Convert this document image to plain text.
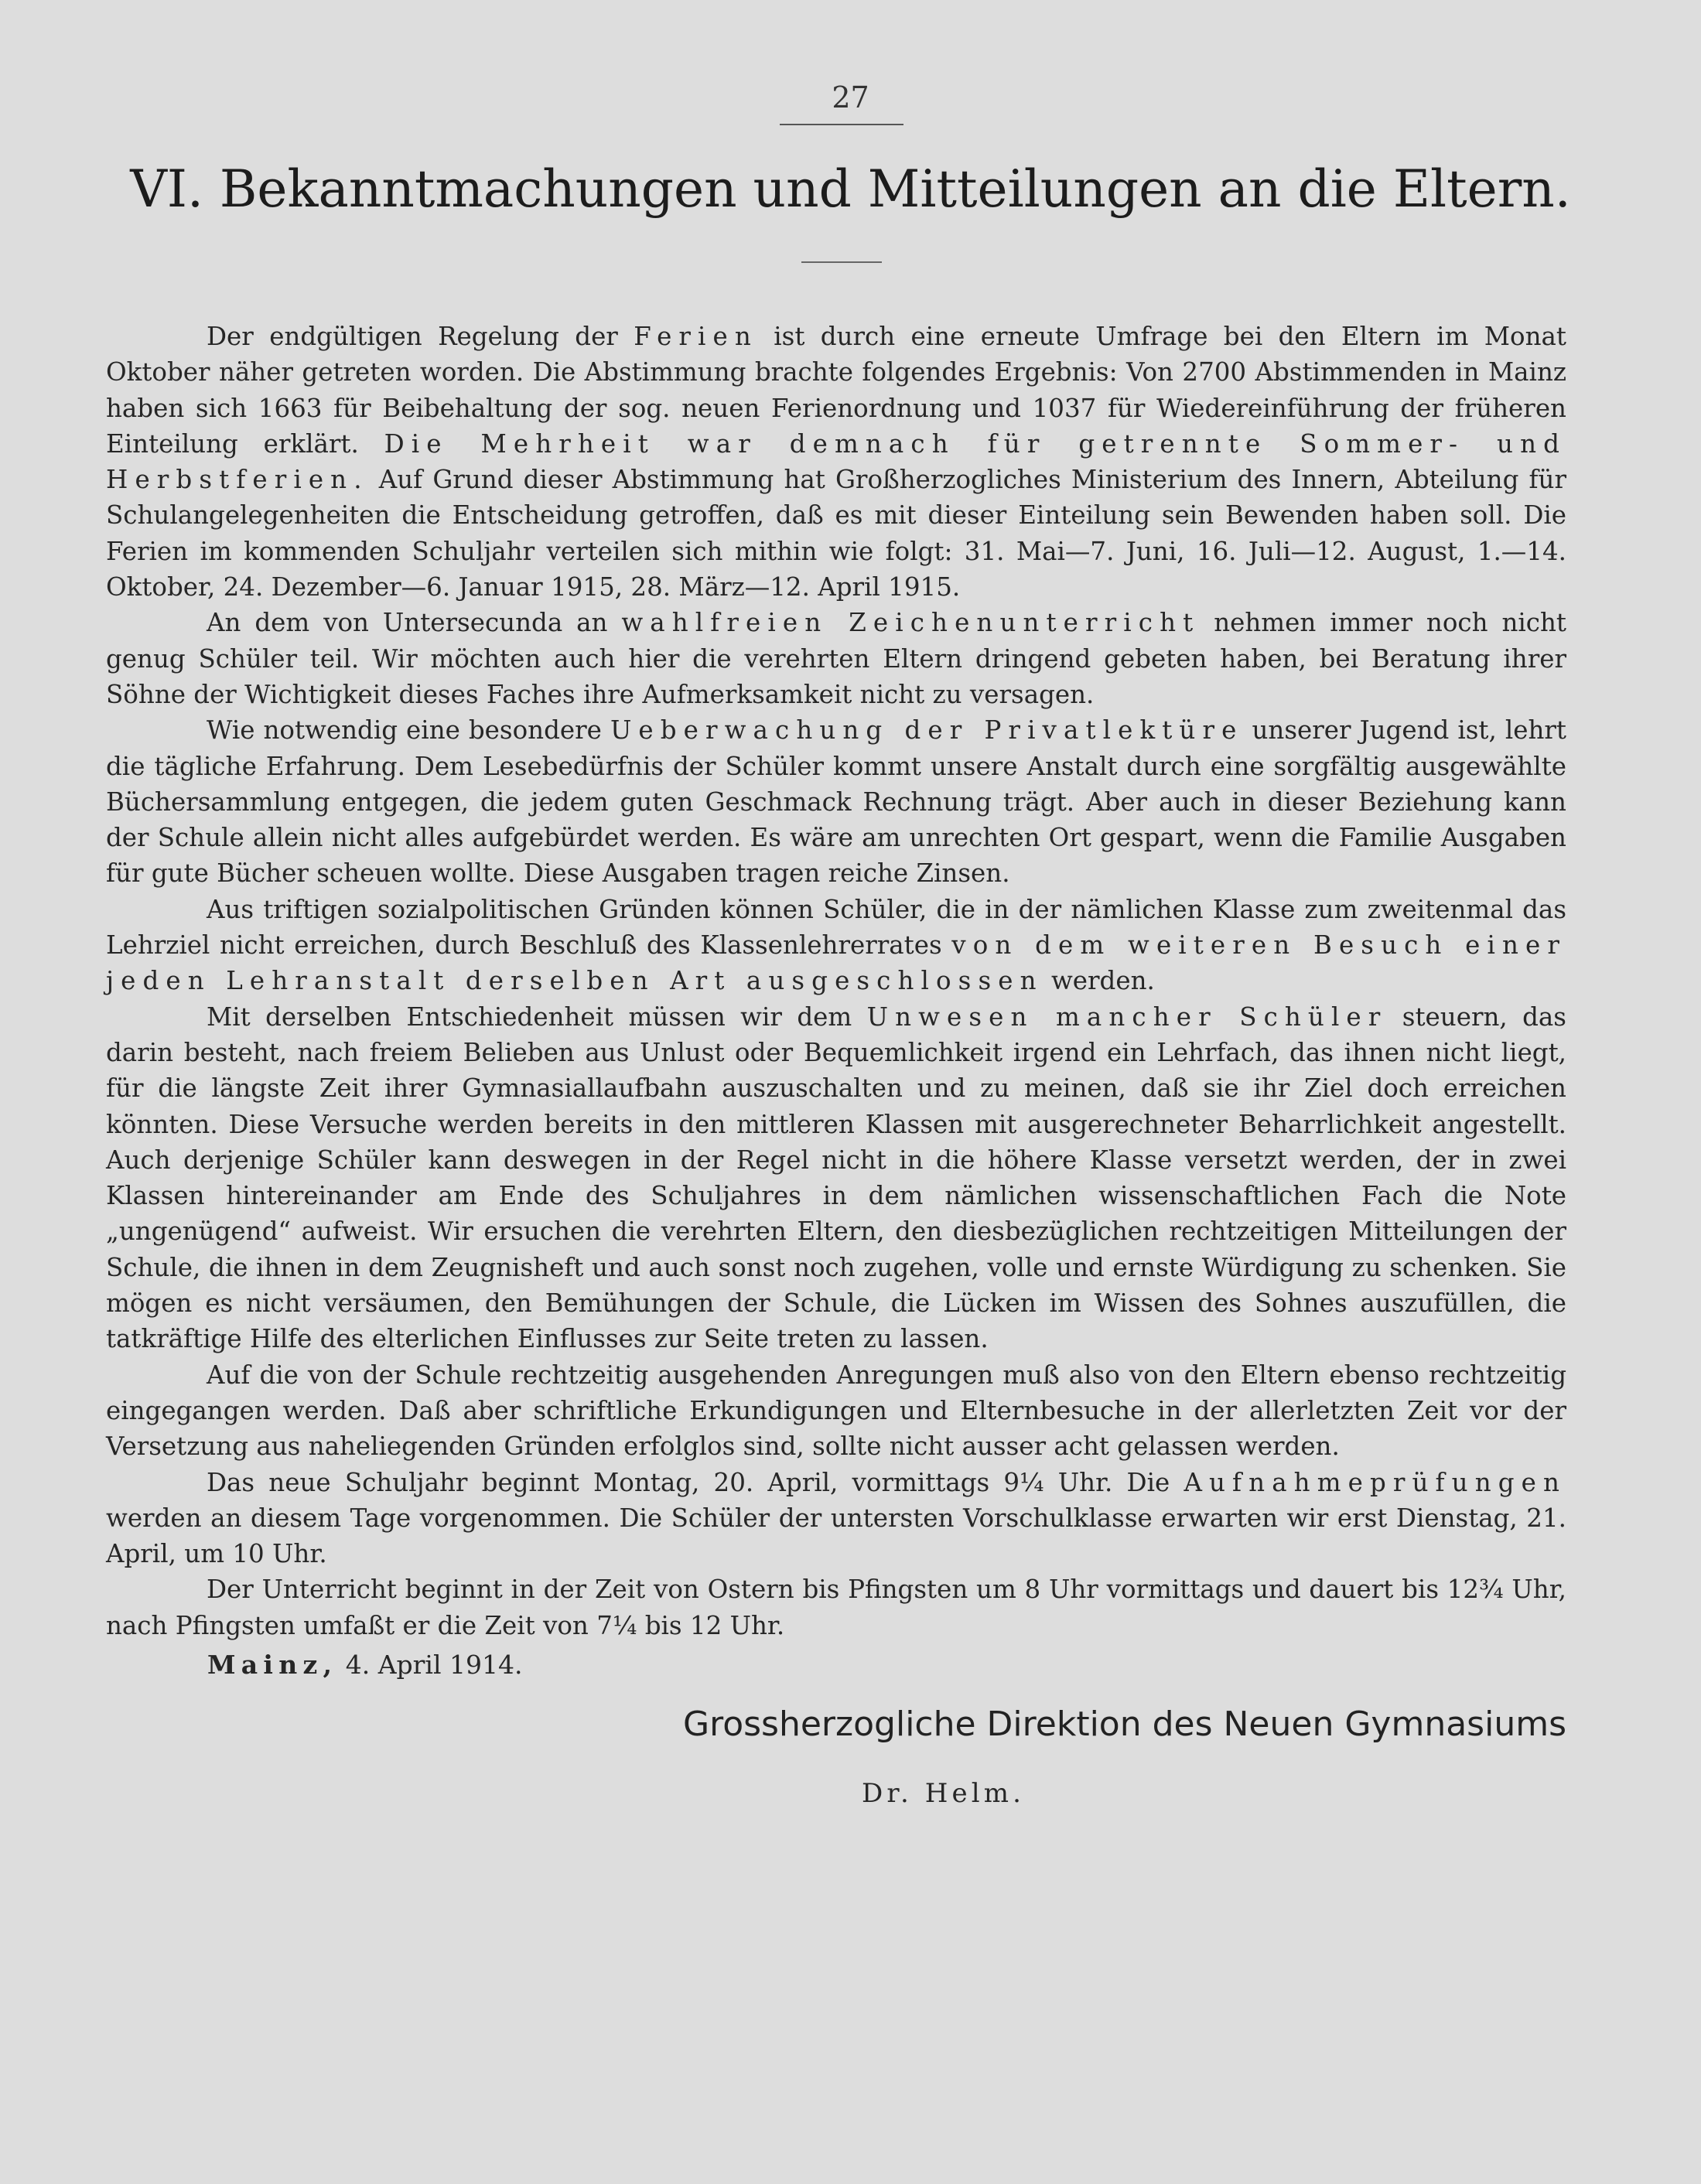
27
VI. Bekanntmachungen und Mitteilungen an die Eltern.

Der endgültigen Regelung der Ferien ist durch eine erneute Umfrage bei den Eltern im Monat Oktober näher getreten worden. Die Abstimmung brachte folgendes Ergebnis: Von 2700 Abstimmenden in Mainz haben sich 1663 für Beibehaltung der sog. neuen Ferienordnung und 1037 für Wiedereinführung der früheren Einteilung erklärt. Die Mehrheit war demnach für getrennte Sommer- und Herbstferien. Auf Grund dieser Abstimmung hat Großherzogliches Ministerium des Innern, Abteilung für Schulangelegenheiten die Entscheidung getroffen, daß es mit dieser Einteilung sein Bewenden haben soll. Die Ferien im kommenden Schuljahr verteilen sich mithin wie folgt: 31. Mai—7. Juni, 16. Juli—12. August, 1.—14. Oktober, 24. Dezember—6. Januar 1915, 28. März—12. April 1915.

An dem von Untersecunda an wahlfreien Zeichenunterricht nehmen immer noch nicht genug Schüler teil. Wir möchten auch hier die verehrten Eltern dringend gebeten haben, bei Beratung ihrer Söhne der Wichtigkeit dieses Faches ihre Aufmerksamkeit nicht zu versagen.

Wie notwendig eine besondere Ueberwachung der Privatlektüre unserer Jugend ist, lehrt die tägliche Erfahrung. Dem Lesebedürfnis der Schüler kommt unsere Anstalt durch eine sorgfältig ausgewählte Büchersammlung entgegen, die jedem guten Geschmack Rechnung trägt. Aber auch in dieser Beziehung kann der Schule allein nicht alles aufgebürdet werden. Es wäre am unrechten Ort gespart, wenn die Familie Ausgaben für gute Bücher scheuen wollte. Diese Ausgaben tragen reiche Zinsen.

Aus triftigen sozialpolitischen Gründen können Schüler, die in der nämlichen Klasse zum zweitenmal das Lehrziel nicht erreichen, durch Beschluß des Klassenlehrerrates von dem weiteren Besuch einer jeden Lehranstalt derselben Art ausgeschlossen werden.

Mit derselben Entschiedenheit müssen wir dem Unwesen mancher Schüler steuern, das darin besteht, nach freiem Belieben aus Unlust oder Bequemlichkeit irgend ein Lehrfach, das ihnen nicht liegt, für die längste Zeit ihrer Gymnasiallaufbahn auszuschalten und zu meinen, daß sie ihr Ziel doch erreichen könnten. Diese Versuche werden bereits in den mittleren Klassen mit ausgerechneter Beharrlichkeit angestellt. Auch derjenige Schüler kann deswegen in der Regel nicht in die höhere Klasse versetzt werden, der in zwei Klassen hintereinander am Ende des Schuljahres in dem nämlichen wissenschaftlichen Fach die Note „ungenügend“ aufweist. Wir ersuchen die verehrten Eltern, den diesbezüglichen rechtzeitigen Mitteilungen der Schule, die ihnen in dem Zeugnisheft und auch sonst noch zugehen, volle und ernste Würdigung zu schenken. Sie mögen es nicht versäumen, den Bemühungen der Schule, die Lücken im Wissen des Sohnes auszufüllen, die tatkräftige Hilfe des elterlichen Einflusses zur Seite treten zu lassen.

Auf die von der Schule rechtzeitig ausgehenden Anregungen muß also von den Eltern ebenso rechtzeitig eingegangen werden. Daß aber schriftliche Erkundigungen und Elternbesuche in der allerletzten Zeit vor der Versetzung aus naheliegenden Gründen erfolglos sind, sollte nicht ausser acht gelassen werden.

Das neue Schuljahr beginnt Montag, 20. April, vormittags 9¼ Uhr. Die Aufnahmeprüfungen werden an diesem Tage vorgenommen. Die Schüler der untersten Vorschulklasse erwarten wir erst Dienstag, 21. April, um 10 Uhr.

Der Unterricht beginnt in der Zeit von Ostern bis Pfingsten um 8 Uhr vormittags und dauert bis 12¾ Uhr, nach Pfingsten umfaßt er die Zeit von 7¼ bis 12 Uhr.

Mainz, 4. April 1914.
Grossherzogliche Direktion des Neuen Gymnasiums
Dr. Helm.
